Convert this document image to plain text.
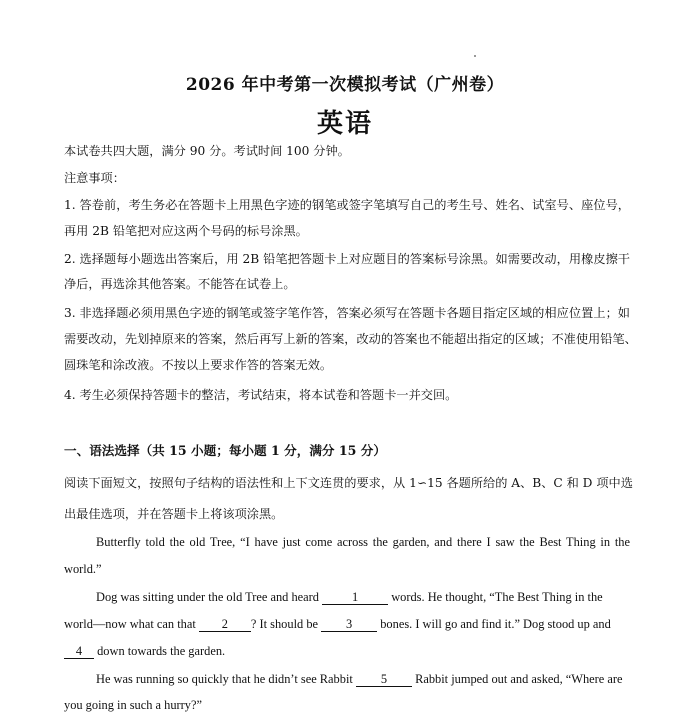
2026 年中考第一次模拟考试（广州卷）
英语
本试卷共四大题，满分 90 分。考试时间 100 分钟。
注意事项：
1. 答卷前，考生务必在答题卡上用黑色字迹的钢笔或签字笔填写自己的考生号、姓名、试室号、座位号，
再用 2B 铅笔把对应这两个号码的标号涂黑。
2. 选择题每小题选出答案后，用 2B 铅笔把答题卡上对应题目的答案标号涂黑。如需要改动，用橡皮擦干
净后，再选涂其他答案。不能答在试卷上。
3. 非选择题必须用黑色字迹的钢笔或签字笔作答，答案必须写在答题卡各题目指定区域的相应位置上；如
需要改动，先划掉原来的答案，然后再写上新的答案，改动的答案也不能超出指定的区域；不准使用铅笔、
圆珠笔和涂改液。不按以上要求作答的答案无效。
4. 考生必须保持答题卡的整洁，考试结束，将本试卷和答题卡一并交回。
一、语法选择（共 15 小题；每小题 1 分，满分 15 分）
阅读下面短文，按照句子结构的语法性和上下文连贯的要求，从 1∽15 各题所给的 A、B、C 和 D 项中选
出最佳选项，并在答题卡上将该项涂黑。
Butterfly told the old Tree, “I have just come across the garden, and there I saw the Best Thing in the
world.”
Dog was sitting under the old Tree and heard	1	words. He thought, “The Best Thing in the
world—now what can that 2 ? It should be 3 bones. I will go and find it.” Dog stood up and
4 down towards the garden.
He was running so quickly that he didn’t see Rabbit 5 Rabbit jumped out and asked, “Where are
you going in such a hurry?”
